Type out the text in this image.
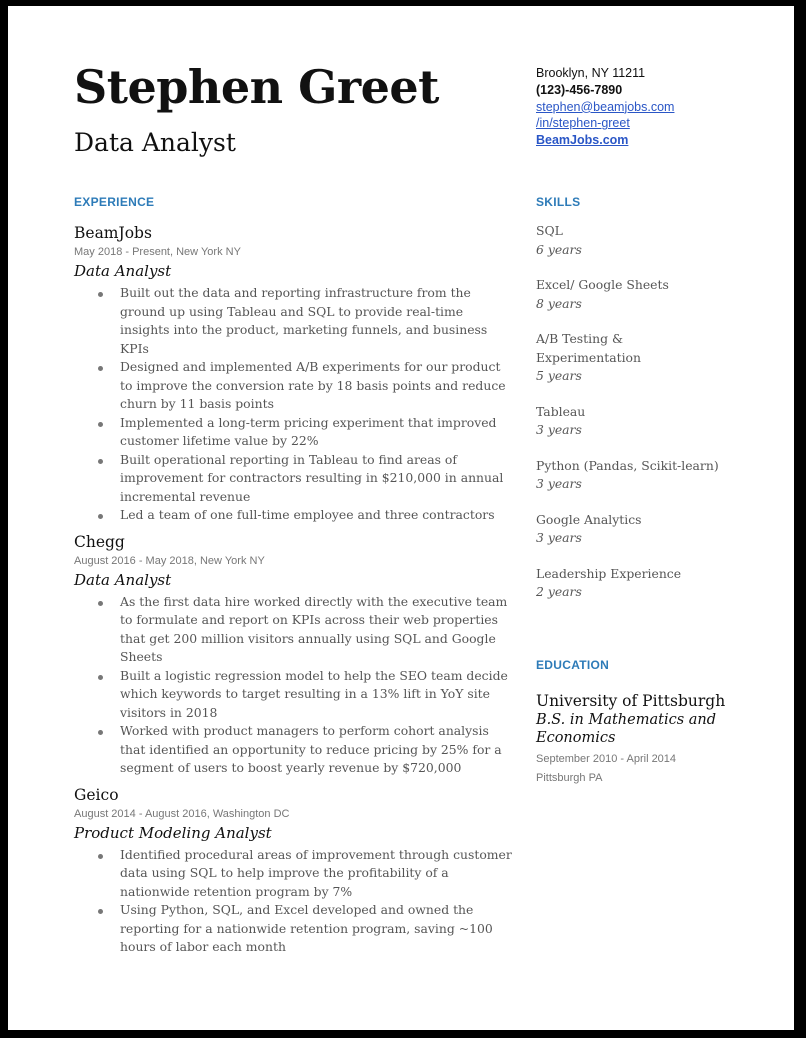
Stephen Greet
Data Analyst
Brooklyn, NY 11211
(123)-456-7890
stephen@beamjobs.com
/in/stephen-greet
BeamJobs.com
EXPERIENCE	SKILLS
BeamJobs
May 2018 - Present, New York NY
Data Analyst
Built out the data and reporting infrastructure from the ground up using Tableau and SQL to provide real-time insights into the product, marketing funnels, and business KPIs
Designed and implemented A/B experiments for our product to improve the conversion rate by 18 basis points and reduce churn by 11 basis points
Implemented a long-term pricing experiment that improved customer lifetime value by 22%
Built operational reporting in Tableau to find areas of improvement for contractors resulting in $210,000 in annual incremental revenue
Led a team of one full-time employee and three contractors
Chegg
August 2016 - May 2018, New York NY
Data Analyst
As the first data hire worked directly with the executive team to formulate and report on KPIs across their web properties that get 200 million visitors annually using SQL and Google Sheets
Built a logistic regression model to help the SEO team decide which keywords to target resulting in a 13% lift in YoY site visitors in 2018
Worked with product managers to perform cohort analysis that identified an opportunity to reduce pricing by 25% for a segment of users to boost yearly revenue by $720,000
Geico
August 2014 - August 2016, Washington DC
Product Modeling Analyst
Identified procedural areas of improvement through customer data using SQL to help improve the profitability of a nationwide retention program by 7%
Using Python, SQL, and Excel developed and owned the reporting for a nationwide retention program, saving ~100 hours of labor each month
SQL
6 years
Excel/ Google Sheets
8 years
A/B Testing & Experimentation
5 years
Tableau
3 years
Python (Pandas, Scikit-learn)
3 years
Google Analytics
3 years
Leadership Experience
2 years
EDUCATION
University of Pittsburgh
B.S. in Mathematics and Economics
September 2010 - April 2014
Pittsburgh PA
